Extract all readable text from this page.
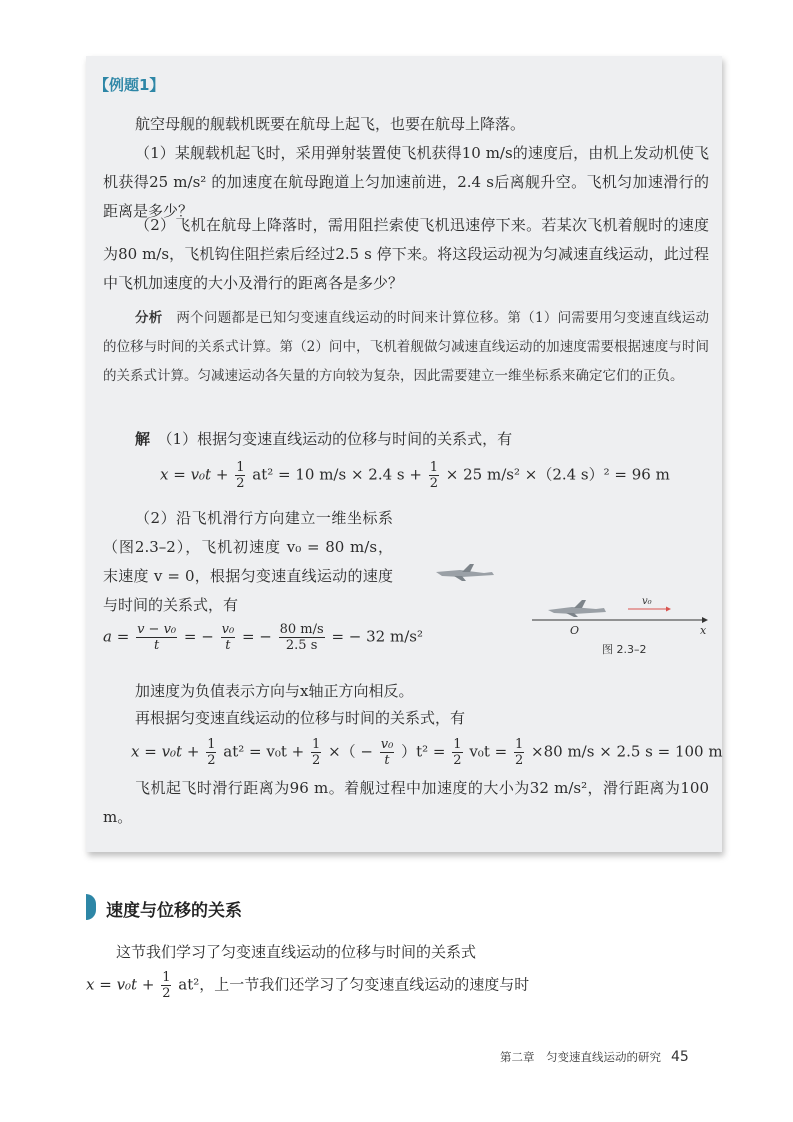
【例题1】

航空母舰的舰载机既要在航母上起飞，也要在航母上降落。

（1）某舰载机起飞时，采用弹射装置使飞机获得10 m/s的速度后，由机上发动机使飞机获得25 m/s² 的加速度在航母跑道上匀加速前进，2.4 s后离舰升空。飞机匀加速滑行的距离是多少？

（2）飞机在航母上降落时，需用阻拦索使飞机迅速停下来。若某次飞机着舰时的速度为80 m/s，飞机钩住阻拦索后经过2.5 s 停下来。将这段运动视为匀减速直线运动，此过程中飞机加速度的大小及滑行的距离各是多少？

分析　 两个问题都是已知匀变速直线运动的时间来计算位移。第（1）问需要用匀变速直线运动的位移与时间的关系式计算。第（2）问中，飞机着舰做匀减速直线运动的加速度需要根据速度与时间的关系式计算。匀减速运动各矢量的方向较为复杂，因此需要建立一维坐标系来确定它们的正负。

解　 （1）根据匀变速直线运动的位移与时间的关系式，有

$x = v_0t + \frac{1}{2} at^2 = 10$ m/s × 2.4 $s + \frac{1}{2} \times 25$ m/s² ×（2.4 s）² = 96 m

（2）沿飞机滑行方向建立一维坐标系（图2.3–2），飞机初速度 v₀ = 80 m/s，末速度 v = 0，根据匀变速直线运动的速度与时间的关系式，有

$a = \frac{\text{v − v₀}}{t}$ = − $\frac{\text{v₀}}{t}$ = − $\frac{80 m/s}{2.5 s}$ = − 32 m/s²	O	x
v₀
图 2.3–2

加速度为负值表示方向与x轴正方向相反。

再根据匀变速直线运动的位移与时间的关系式，有

$x = v_0t + \frac{1}{2} at^2 = v_0t + \frac{1}{2}$ ×（ − $\frac{\text{v₀}}{t} )t^2 = \frac{1}{2} v_0t = \frac{1}{2} \times 80$ m/s × 2.5 s = 100 m

飞机起飞时滑行距离为96 m。着舰过程中加速度的大小为32 m/s²，滑行距离为100 m。

速度与位移的关系

这节我们学习了匀变速直线运动的位移与时间的关系式

$x = v_0t + \frac{1}{2} at^2$，上一节我们还学习了匀变速直线运动的速度与时
第二章　匀变速直线运动的研究 45
